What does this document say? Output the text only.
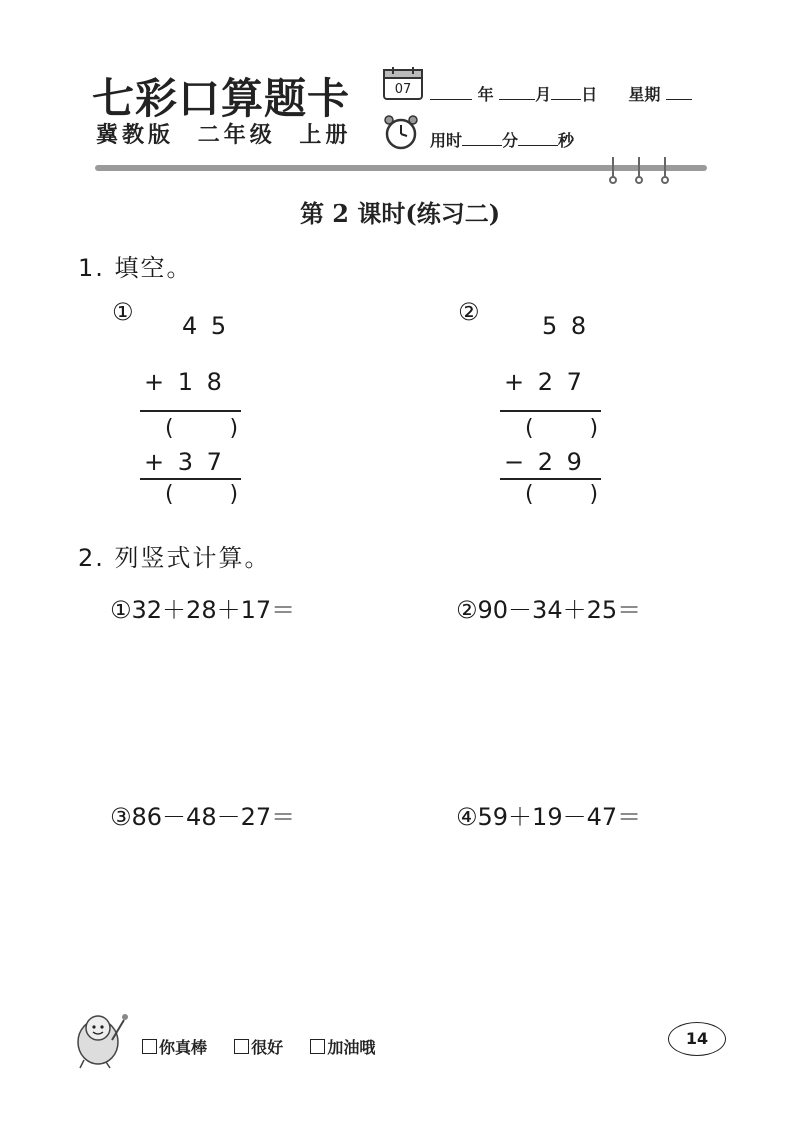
七彩口算题卡
冀教版 二年级 上册
07	年	月 日 星期
用时	分	秒
第 2 课时(练习二)
1. 填空。
① 4 5
+ 1 8
(        )
+ 3 7
(        )
②	5 8
+ 2 7
(        )
− 2 9
(        )
2. 列竖式计算。
①32＋28＋17＝	②90－34＋25＝
③86－48－27＝	④59＋19－47＝
你真棒	很好	加油哦	14
